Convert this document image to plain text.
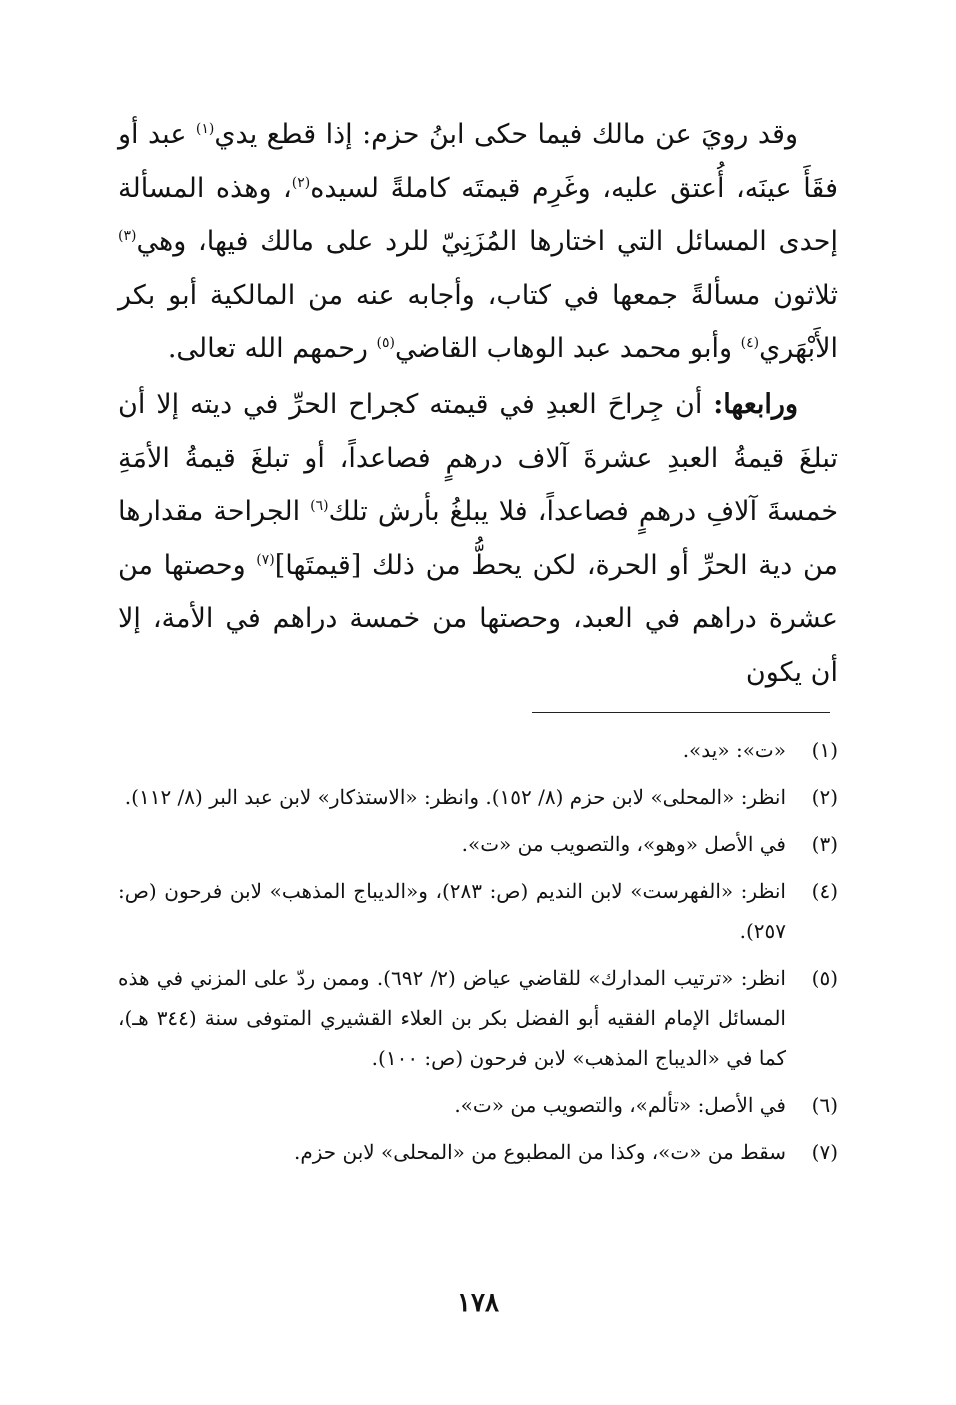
وقد رويَ عن مالك فيما حكى ابنُ حزم: إذا قطع يدي$^{(١)}$ عبد أو فقَأَ عينَه، أُعتق عليه، وغَرِم قيمتَه كاملةً لسيده$^{(٢)}$، وهذه المسألة إحدى المسائل التي اختارها المُزَنِيّ للرد على مالك فيها، وهي$^{(٣)}$ ثلاثون مسألةً جمعها في كتاب، وأجابه عنه من المالكية أبو بكر الأَبْهَري$^{(٤)}$ وأبو محمد عبد الوهاب القاضي$^{(٥)}$ رحمهم الله تعالى.

ورابعها: أن جِراحَ العبدِ في قيمته كجراح الحرِّ في ديته إلا أن تبلغَ قيمةُ العبدِ عشرةَ آلاف درهمٍ فصاعداً، أو تبلغَ قيمةُ الأمَةِ خمسةَ آلافِ درهمٍ فصاعداً، فلا يبلغُ بأرش تلك$^{(٦)}$ الجراحة مقدارها من دية الحرِّ أو الحرة، لكن يحطُّ من ذلك [قيمتَها]$^{(٧)}$ وحصتها من عشرة دراهم في العبد، وحصتها من خمسة دراهم في الأمة، إلا أن يكون

(١)
«ت»: «يد».
(٢)
انظر: «المحلى» لابن حزم (٨/ ١٥٢). وانظر: «الاستذكار» لابن عبد البر (٨/ ١١٢).
(٣)
في الأصل «وهو»، والتصويب من «ت».
(٤)
انظر: «الفهرست» لابن النديم (ص: ٢٨٣)، و«الديباج المذهب» لابن فرحون (ص: ٢٥٧).
(٥)
انظر: «ترتيب المدارك» للقاضي عياض (٢/ ٦٩٢). وممن ردّ على المزني في هذه المسائل الإمام الفقيه أبو الفضل بكر بن العلاء القشيري المتوفى سنة (٣٤٤ هـ)، كما في «الديباج المذهب» لابن فرحون (ص: ١٠٠).
(٦)
في الأصل: «تألم»، والتصويب من «ت».
(٧)
سقط من «ت»، وكذا من المطبوع من «المحلى» لابن حزم.
١٧٨
